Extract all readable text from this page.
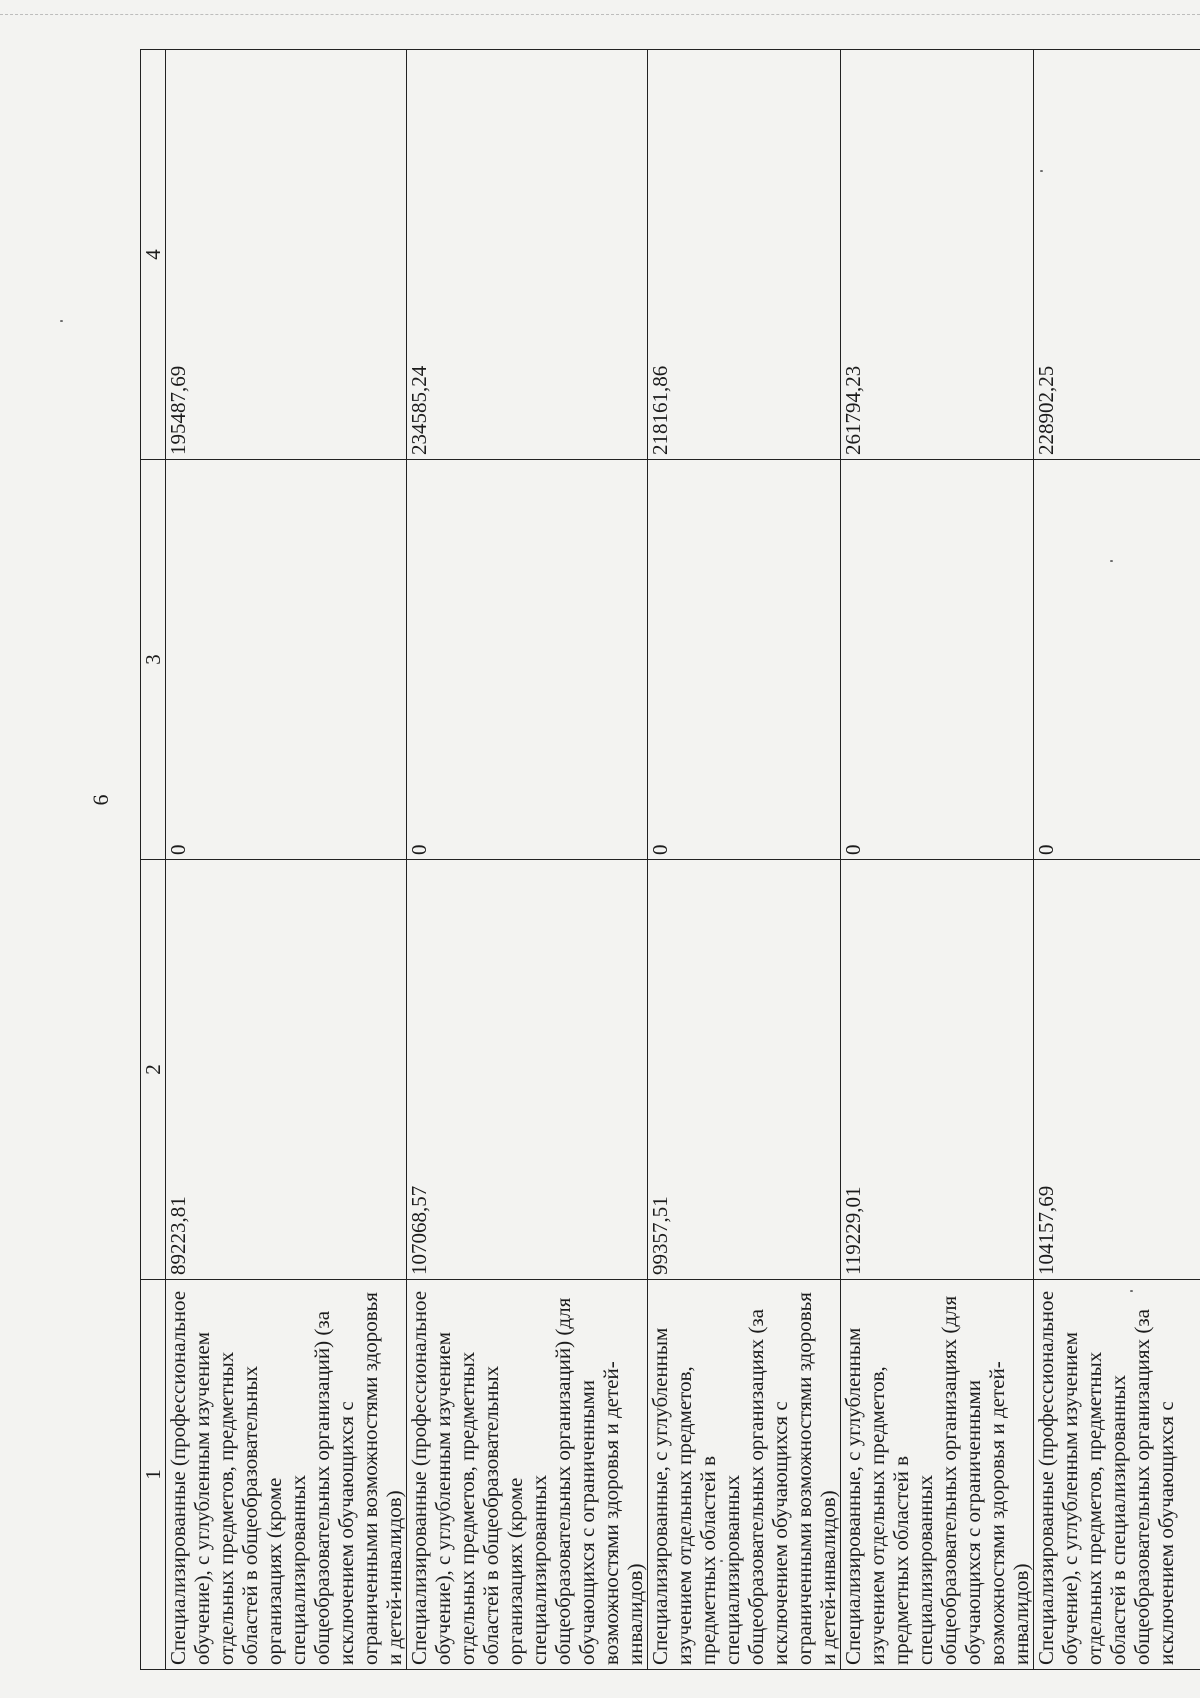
6
1	2	3	4
Специализированные (профессиональное обучение), с углубленным изучением отдельных предметов, предметных областей в общеобразовательных организациях (кроме специализированных общеобразовательных организаций) (за исключением обучающихся с ограниченными возможностями здоровья и детей-инвалидов)	89223,81	0	195487,69
Специализированные (профессиональное обучение), с углубленным изучением отдельных предметов, предметных областей в общеобразовательных организациях (кроме специализированных общеобразовательных организаций) (для обучающихся с ограниченными возможностями здоровья и детей-инвалидов)	107068,57	0	234585,24
Специализированные, с углубленным изучением отдельных предметов, предметных областей в специализированных общеобразовательных организациях (за исключением обучающихся с ограниченными возможностями здоровья и детей-инвалидов)	99357,51	0	218161,86
Специализированные, с углубленным изучением отдельных предметов, предметных областей в специализированных общеобразовательных организациях (для обучающихся с ограниченными возможностями здоровья и детей-инвалидов)	119229,01	0	261794,23
Специализированные (профессиональное обучение), с углубленным изучением отдельных предметов, предметных областей в специализированных общеобразовательных организациях (за исключением обучающихся с	104157,69	0	228902,25
